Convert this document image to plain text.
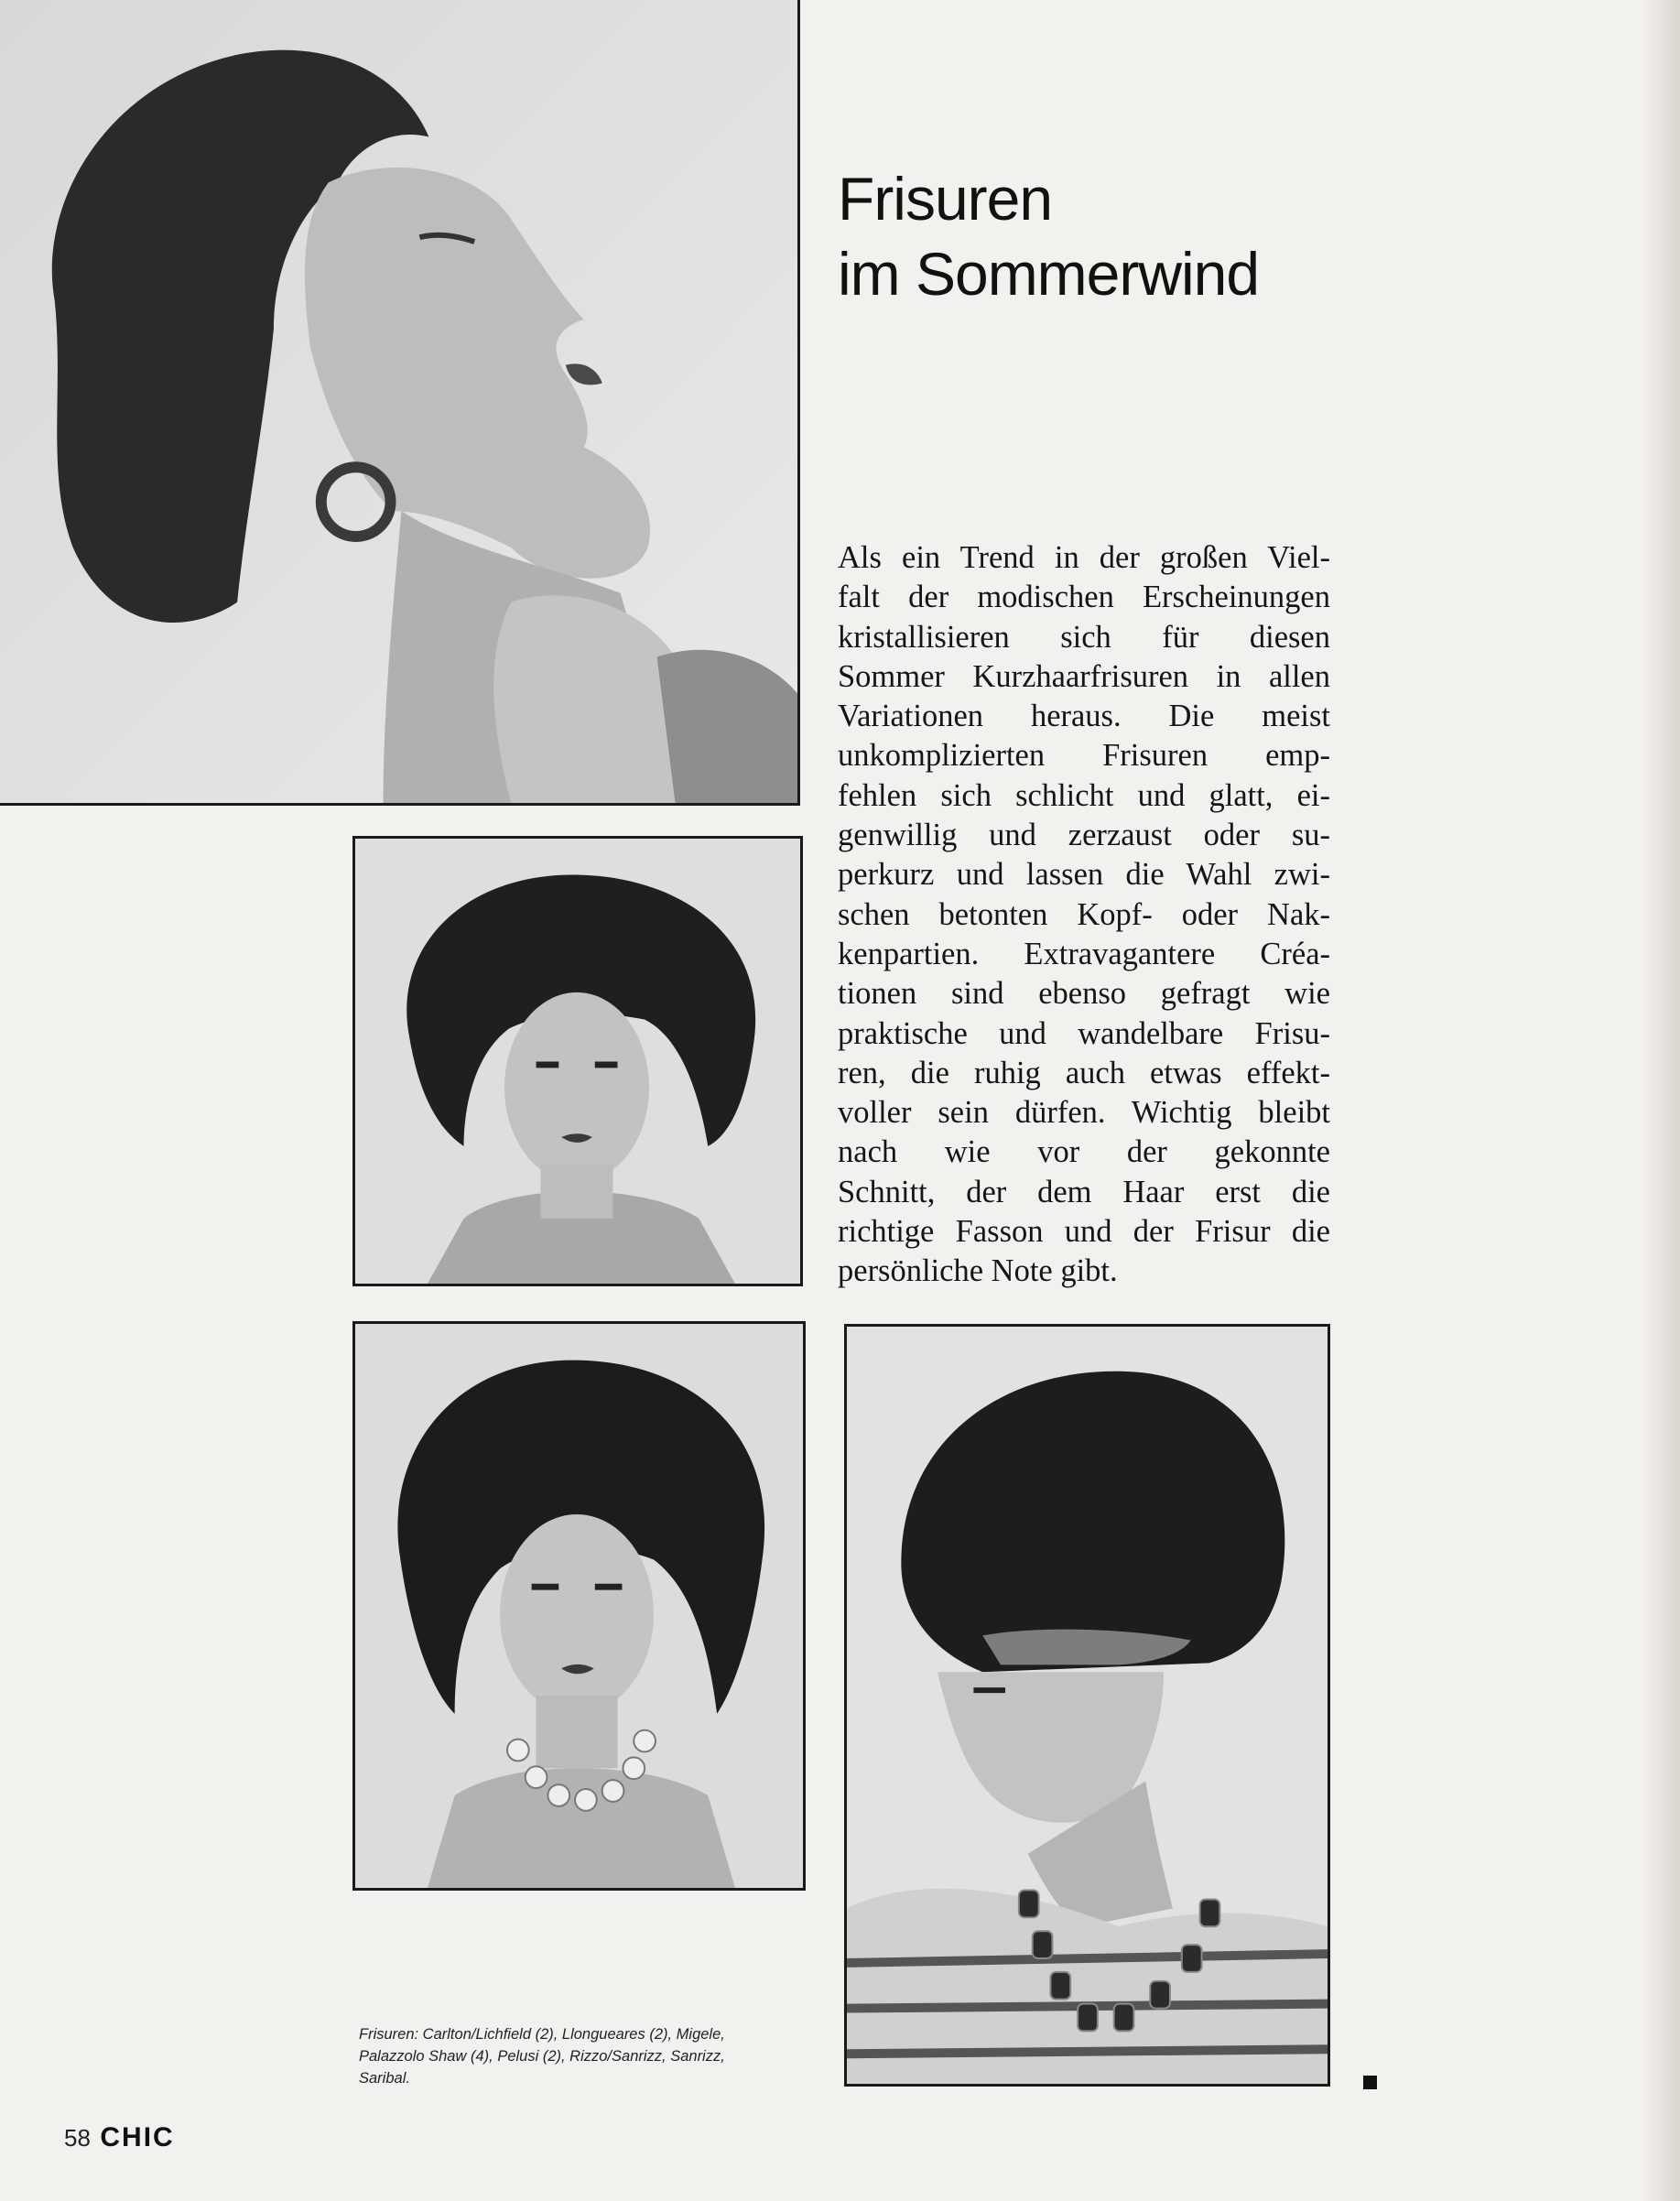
Frisuren
im Sommerwind
Als ein Trend in der großen Viel-
falt der modischen Erscheinungen
kristallisieren sich für diesen
Sommer Kurzhaarfrisuren in allen
Variationen heraus. Die meist
unkomplizierten Frisuren emp-
fehlen sich schlicht und glatt, ei-
genwillig und zerzaust oder su-
perkurz und lassen die Wahl zwi-
schen betonten Kopf- oder Nak-
kenpartien. Extravagantere Créa-
tionen sind ebenso gefragt wie
praktische und wandelbare Frisu-
ren, die ruhig auch etwas effekt-
voller sein dürfen. Wichtig bleibt
nach wie vor der gekonnte
Schnitt, der dem Haar erst die
richtige Fasson und der Frisur die
persönliche Note gibt.
Frisuren: Carlton/Lichfield (2), Llongueares (2), Migele,
Palazzolo Shaw (4), Pelusi (2), Rizzo/Sanrizz, Sanrizz,
Saribal.
58 CHIC
